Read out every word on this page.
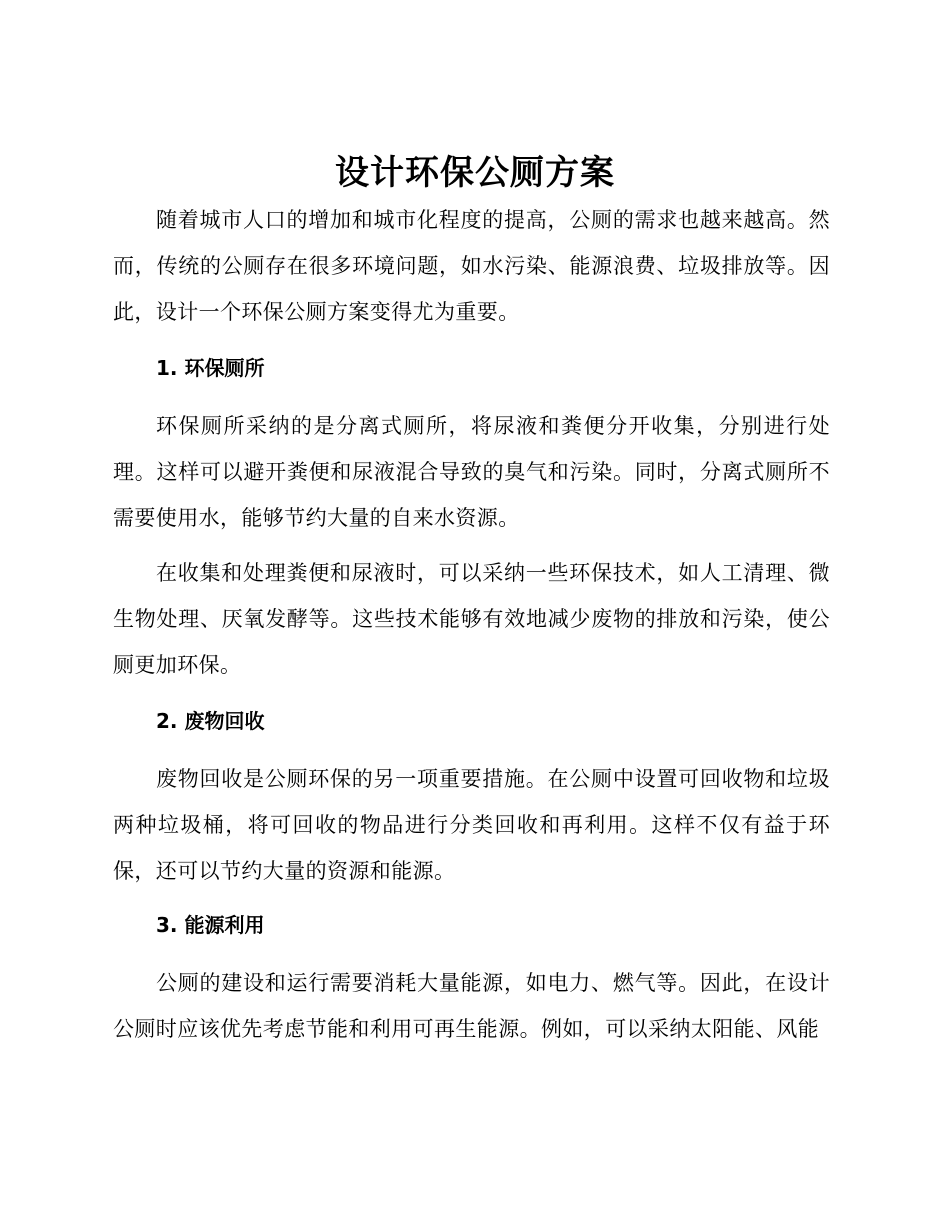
设计环保公厕方案

随着城市人口的增加和城市化程度的提高，公厕的需求也越来越高。然而，传统的公厕存在很多环境问题，如水污染、能源浪费、垃圾排放等。因此，设计一个环保公厕方案变得尤为重要。

1. 环保厕所

环保厕所采纳的是分离式厕所，将尿液和粪便分开收集，分别进行处理。这样可以避开粪便和尿液混合导致的臭气和污染。同时，分离式厕所不需要使用水，能够节约大量的自来水资源。

在收集和处理粪便和尿液时，可以采纳一些环保技术，如人工清理、微生物处理、厌氧发酵等。这些技术能够有效地减少废物的排放和污染，使公厕更加环保。

2. 废物回收

废物回收是公厕环保的另一项重要措施。在公厕中设置可回收物和垃圾两种垃圾桶，将可回收的物品进行分类回收和再利用。这样不仅有益于环保，还可以节约大量的资源和能源。

3. 能源利用

公厕的建设和运行需要消耗大量能源，如电力、燃气等。因此，在设计公厕时应该优先考虑节能和利用可再生能源。例如，可以采纳太阳能、风能
